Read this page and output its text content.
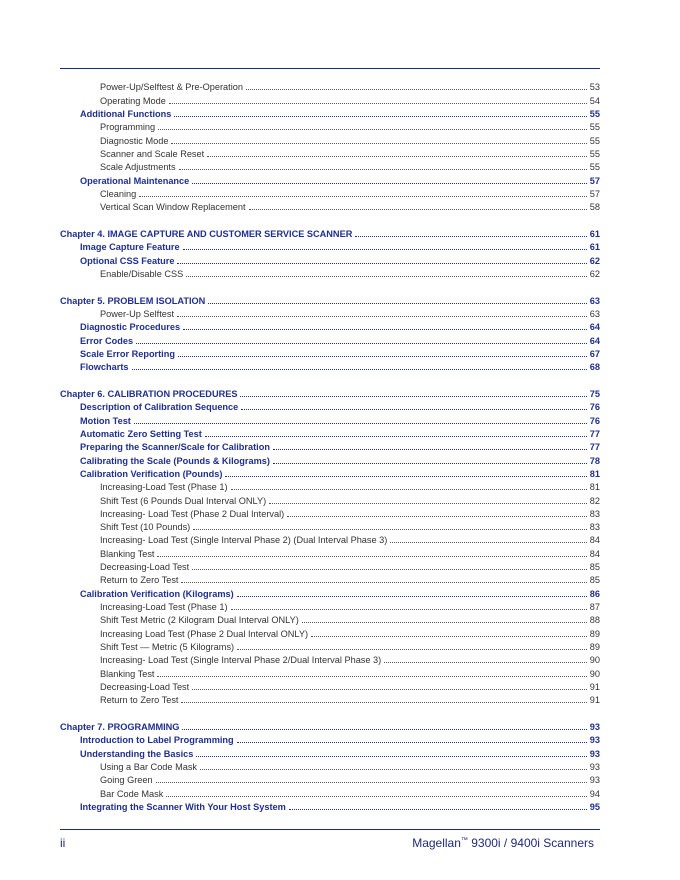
Power-Up/Selftest & Pre-Operation	53
Operating Mode	54
Additional Functions	55
Programming	55
Diagnostic Mode	55
Scanner and Scale Reset	55
Scale Adjustments	55
Operational Maintenance	57
Cleaning	57
Vertical Scan Window Replacement	58
Chapter 4. IMAGE CAPTURE AND CUSTOMER SERVICE SCANNER	61
Image Capture Feature	61
Optional CSS Feature	62
Enable/Disable CSS	62
Chapter 5. PROBLEM ISOLATION	63
Power-Up Selftest	63
Diagnostic Procedures	64
Error Codes	64
Scale Error Reporting	67
Flowcharts	68
Chapter 6. CALIBRATION PROCEDURES	75
Description of Calibration Sequence	76
Motion Test	76
Automatic Zero Setting Test	77
Preparing the Scanner/Scale for Calibration	77
Calibrating the Scale (Pounds & Kilograms)	78
Calibration Verification (Pounds)	81
Increasing-Load Test (Phase 1)	81
Shift Test (6 Pounds Dual Interval ONLY)	82
Increasing- Load Test (Phase 2 Dual Interval)	83
Shift Test (10 Pounds)	83
Increasing- Load Test (Single Interval Phase 2) (Dual Interval Phase 3)	84
Blanking Test	84
Decreasing-Load Test	85
Return to Zero Test	85
Calibration Verification (Kilograms)	86
Increasing-Load Test (Phase 1)	87
Shift Test Metric (2 Kilogram Dual Interval ONLY)	88
Increasing Load Test (Phase 2 Dual Interval ONLY)	89
Shift Test — Metric (5 Kilograms)	89
Increasing- Load Test (Single Interval Phase 2/Dual Interval Phase 3)	90
Blanking Test	90
Decreasing-Load Test	91
Return to Zero Test	91
Chapter 7. PROGRAMMING	93
Introduction to Label Programming	93
Understanding the Basics	93
Using a Bar Code Mask	93
Going Green	93
Bar Code Mask	94
Integrating the Scanner With Your Host System	95
ii	Magellan™ 9300i / 9400i Scanners
